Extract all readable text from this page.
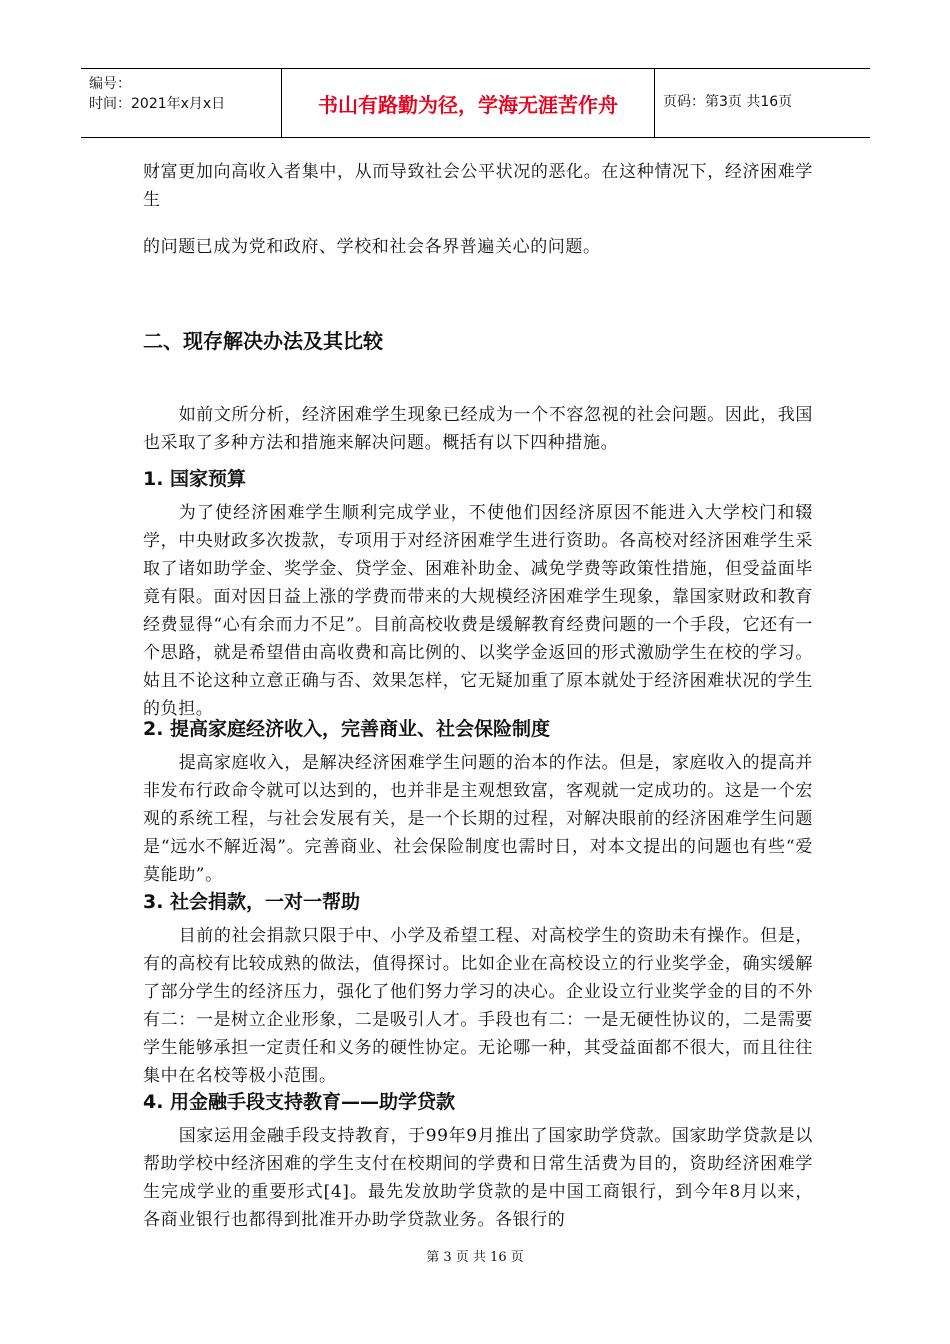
编号：
时间：2021年x月x日	书山有路勤为径，学海无涯苦作舟	页码：第3页 共16页

财富更加向高收入者集中，从而导致社会公平状况的恶化。在这种情况下，经济困难学生

的问题已成为党和政府、学校和社会各界普遍关心的问题。

二、现存解决办法及其比较

如前文所分析，经济困难学生现象已经成为一个不容忽视的社会问题。因此，我国也采取了多种方法和措施来解决问题。概括有以下四种措施。

1. 国家预算

为了使经济困难学生顺利完成学业，不使他们因经济原因不能进入大学校门和辍学，中央财政多次拨款，专项用于对经济困难学生进行资助。各高校对经济困难学生采取了诸如助学金、奖学金、贷学金、困难补助金、减免学费等政策性措施，但受益面毕竟有限。面对因日益上涨的学费而带来的大规模经济困难学生现象，靠国家财政和教育经费显得“心有余而力不足”。目前高校收费是缓解教育经费问题的一个手段，它还有一个思路，就是希望借由高收费和高比例的、以奖学金返回的形式激励学生在校的学习。姑且不论这种立意正确与否、效果怎样，它无疑加重了原本就处于经济困难状况的学生的负担。

2. 提高家庭经济收入，完善商业、社会保险制度

提高家庭收入，是解决经济困难学生问题的治本的作法。但是，家庭收入的提高并非发布行政命令就可以达到的，也并非是主观想致富，客观就一定成功的。这是一个宏观的系统工程，与社会发展有关，是一个长期的过程，对解决眼前的经济困难学生问题是“远水不解近渴”。完善商业、社会保险制度也需时日，对本文提出的问题也有些“爱莫能助”。

3. 社会捐款，一对一帮助

目前的社会捐款只限于中、小学及希望工程、对高校学生的资助未有操作。但是，有的高校有比较成熟的做法，值得探讨。比如企业在高校设立的行业奖学金，确实缓解了部分学生的经济压力，强化了他们努力学习的决心。企业设立行业奖学金的目的不外有二：一是树立企业形象，二是吸引人才。手段也有二：一是无硬性协议的，二是需要学生能够承担一定责任和义务的硬性协定。无论哪一种，其受益面都不很大，而且往往集中在名校等极小范围。

4. 用金融手段支持教育——助学贷款

国家运用金融手段支持教育，于99年9月推出了国家助学贷款。国家助学贷款是以帮助学校中经济困难的学生支付在校期间的学费和日常生活费为目的，资助经济困难学生完成学业的重要形式[4]。最先发放助学贷款的是中国工商银行，到今年8月以来，各商业银行也都得到批准开办助学贷款业务。各银行的

第 3 页 共 16 页
